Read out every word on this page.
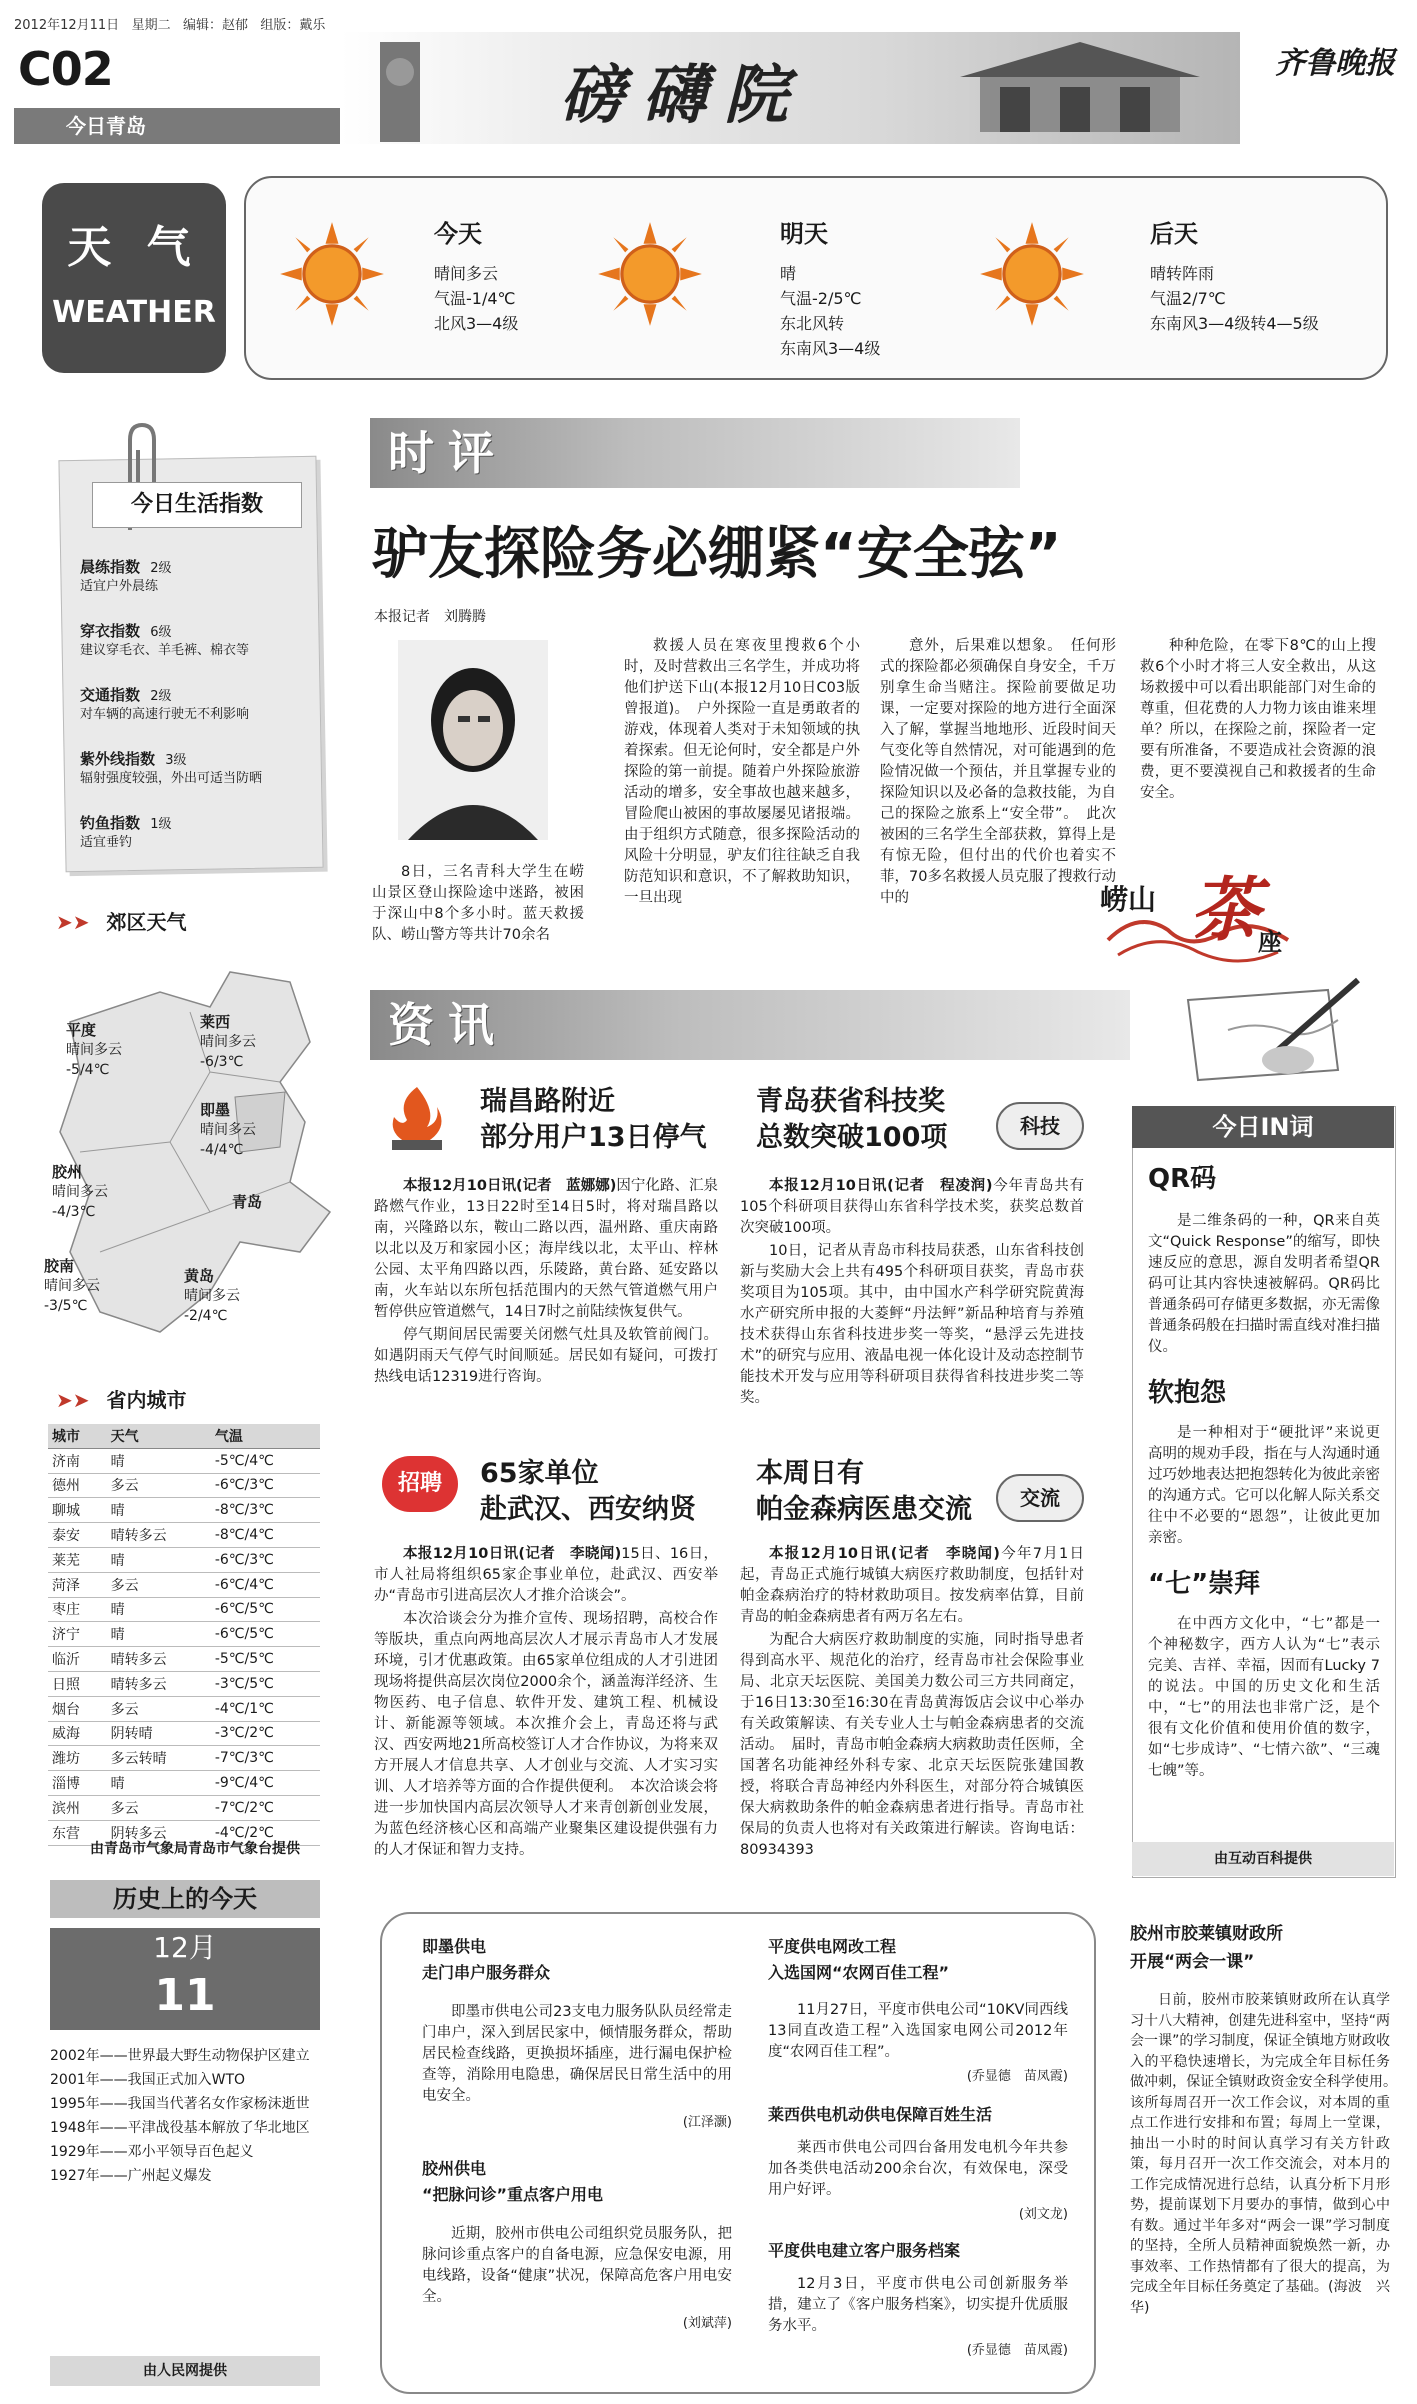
2012年12月11日 星期二 编辑：赵郁 组版：戴乐
C02
今日青岛	磅礴院	齐鲁晚报
天 气
WEATHER
今天
晴间多云
气温-1/4℃
北风3—4级
明天
晴
气温-2/5℃
东北风转
东南风3—4级
后天
晴转阵雨
气温2/7℃
东南风3—4级转4—5级
今日生活指数
晨练指数 2级
适宜户外晨练
穿衣指数 6级
建议穿毛衣、羊毛裤、棉衣等
交通指数 2级
对车辆的高速行驶无不利影响
紫外线指数 3级
辐射强度较强，外出可适当防晒
钓鱼指数 1级
适宜垂钓
➤➤ 郊区天气
平度
晴间多云
-5/4℃
莱西
晴间多云
-6/3℃
即墨
晴间多云
-4/4℃
胶州
晴间多云
-4/3℃
青岛
胶南
晴间多云
-3/5℃
黄岛
晴间多云
-2/4℃
➤➤ 省内城市
城市	天气	气温
济南	晴	-5℃/4℃
德州	多云	-6℃/3℃
聊城	晴	-8℃/3℃
泰安	晴转多云	-8℃/4℃
莱芜	晴	-6℃/3℃
菏泽	多云	-6℃/4℃
枣庄	晴	-6℃/5℃
济宁	晴	-6℃/5℃
临沂	晴转多云	-5℃/5℃
日照	晴转多云	-3℃/5℃
烟台	多云	-4℃/1℃
威海	阴转晴	-3℃/2℃
潍坊	多云转晴	-7℃/3℃
淄博	晴	-9℃/4℃
滨州	多云	-7℃/2℃
东营	阴转多云	-4℃/2℃
由青岛市气象局青岛市气象台提供
历史上的今天
12月
11
2002年——世界最大野生动物保护区建立
2001年——我国正式加入WTO
1995年——我国当代著名女作家杨沫逝世
1948年——平津战役基本解放了华北地区
1929年——邓小平领导百色起义
1927年——广州起义爆发
由人民网提供
时评
驴友探险务必绷紧“安全弦”
本报记者　刘腾腾

8日，三名青科大学生在崂山景区登山探险途中迷路，被困于深山中8个多小时。蓝天救援队、崂山警方等共计70余名

救援人员在寒夜里搜救6个小时，及时营救出三名学生，并成功将他们护送下山(本报12月10日C03版曾报道)。　户外探险一直是勇敢者的游戏，体现着人类对于未知领域的执着探索。但无论何时，安全都是户外探险的第一前提。随着户外探险旅游活动的增多，安全事故也越来越多，冒险爬山被困的事故屡屡见诸报端。由于组织方式随意，很多探险活动的风险十分明显，驴友们往往缺乏自我防范知识和意识，不了解救助知识，一旦出现

意外，后果难以想象。　任何形式的探险都必须确保自身安全，千万别拿生命当赌注。探险前要做足功课，一定要对探险的地方进行全面深入了解，掌握当地地形、近段时间天气变化等自然情况，对可能遇到的危险情况做一个预估，并且掌握专业的探险知识以及必备的急救技能，为自己的探险之旅系上“安全带”。　此次被困的三名学生全部获救，算得上是有惊无险，但付出的代价也着实不菲，70多名救援人员克服了搜救行动中的

种种危险，在零下8℃的山上搜救6个小时才将三人安全救出，从这场救援中可以看出职能部门对生命的尊重，但花费的人力物力该由谁来埋单？所以，在探险之前，探险者一定要有所准备，不要造成社会资源的浪费，更不要漠视自己和救援者的生命安全。

崂山 茶
座
资讯
瑞昌路附近
部分用户13日停气

本报12月10日讯(记者　蓝娜娜)因宁化路、汇泉路燃气作业，13日22时至14日5时，将对瑞昌路以南，兴隆路以东，鞍山二路以西，温州路、重庆南路以北以及万和家园小区；海岸线以北，太平山、梓林公园、太平角四路以西，乐陵路，黄台路、延安路以南，火车站以东所包括范围内的天然气管道燃气用户暂停供应管道燃气，14日7时之前陆续恢复供气。

停气期间居民需要关闭燃气灶具及软管前阀门。如遇阴雨天气停气时间顺延。居民如有疑问，可拨打热线电话12319进行咨询。

青岛获省科技奖
总数突破100项	科技

本报12月10日讯(记者　程凌润)今年青岛共有105个科研项目获得山东省科学技术奖，获奖总数首次突破100项。

10日，记者从青岛市科技局获悉，山东省科技创新与奖励大会上共有495个科研项目获奖，青岛市获奖项目为105项。其中，由中国水产科学研究院黄海水产研究所申报的大菱鲆“丹法鲆”新品种培育与养殖技术获得山东省科技进步奖一等奖，“悬浮云先进技术”的研究与应用、液晶电视一体化设计及动态控制节能技术开发与应用等科研项目获得省科技进步奖二等奖。

招聘	65家单位
赴武汉、西安纳贤

本报12月10日讯(记者　李晓闻)15日、16日，市人社局将组织65家企事业单位，赴武汉、西安举办“青岛市引进高层次人才推介洽谈会”。

本次洽谈会分为推介宣传、现场招聘，高校合作等版块，重点向两地高层次人才展示青岛市人才发展环境，引才优惠政策。由65家单位组成的人才引进团现场将提供高层次岗位2000余个，涵盖海洋经济、生物医药、电子信息、软件开发、建筑工程、机械设计、新能源等领域。本次推介会上，青岛还将与武汉、西安两地21所高校签订人才合作协议，为将来双方开展人才信息共享、人才创业与交流、人才实习实训、人才培养等方面的合作提供便利。　本次洽谈会将进一步加快国内高层次领导人才来青创新创业发展，为蓝色经济核心区和高端产业聚集区建设提供强有力的人才保证和智力支持。

本周日有
帕金森病医患交流	交流

本报12月10日讯(记者　李晓闻)今年7月1日起，青岛正式施行城镇大病医疗救助制度，包括针对帕金森病治疗的特材救助项目。按发病率估算，目前青岛的帕金森病患者有两万名左右。

为配合大病医疗救助制度的实施，同时指导患者得到高水平、规范化的治疗，经青岛市社会保险事业局、北京天坛医院、美国美力数公司三方共同商定，于16日13:30至16:30在青岛黄海饭店会议中心举办有关政策解读、有关专业人士与帕金森病患者的交流活动。　届时，青岛市帕金森病大病救助责任医师，全国著名功能神经外科专家、北京天坛医院张建国教授，将联合青岛神经内外科医生，对部分符合城镇医保大病救助条件的帕金森病患者进行指导。青岛市社保局的负责人也将对有关政策进行解读。咨询电话：80934393

即墨供电
走门串户服务群众

即墨市供电公司23支电力服务队队员经常走门串户，深入到居民家中，倾情服务群众，帮助居民检查线路，更换损坏插座，进行漏电保护检查等，消除用电隐患，确保居民日常生活中的用电安全。

(江泽灏)
胶州供电
“把脉问诊”重点客户用电

近期，胶州市供电公司组织党员服务队，把脉问诊重点客户的自备电源，应急保安电源，用电线路，设备“健康”状况，保障高危客户用电安全。

(刘斌萍)
平度供电网改工程
入选国网“农网百佳工程”

11月27日，平度市供电公司“10KV同西线13同直改造工程”入选国家电网公司2012年度“农网百佳工程”。

(乔显德　苗凤霞)
莱西供电机动供电保障百姓生活

莱西市供电公司四台备用发电机今年共参加各类供电活动200余台次，有效保电，深受用户好评。

(刘文龙)
平度供电建立客户服务档案

12月3日，平度市供电公司创新服务举措，建立了《客户服务档案》，切实提升优质服务水平。

(乔显德　苗凤霞)
今日IN词
QR码

是二维条码的一种，QR来自英文“Quick Response”的缩写，即快速反应的意思，源自发明者希望QR码可让其内容快速被解码。QR码比普通条码可存储更多数据，亦无需像普通条码般在扫描时需直线对准扫描仪。

软抱怨

是一种相对于“硬批评”来说更高明的规劝手段，指在与人沟通时通过巧妙地表达把抱怨转化为彼此亲密的沟通方式。它可以化解人际关系交往中不必要的“恩怨”，让彼此更加亲密。

“七”崇拜

在中西方文化中，“七”都是一个神秘数字，西方人认为“七”表示完美、吉祥、幸福，因而有Lucky 7的说法。中国的历史文化和生活中，“七”的用法也非常广泛，是个很有文化价值和使用价值的数字，如“七步成诗”、“七情六欲”、“三魂七魄”等。

由互动百科提供
胶州市胶莱镇财政所
开展“两会一课”

日前，胶州市胶莱镇财政所在认真学习十八大精神，创建先进科室中，坚持“两会一课”的学习制度，保证全镇地方财政收入的平稳快速增长，为完成全年目标任务做冲刺，保证全镇财政资金安全科学使用。　该所每周召开一次工作会议，对本周的重点工作进行安排和布置；每周上一堂课，抽出一小时的时间认真学习有关方针政策，每月召开一次工作交流会，对本月的工作完成情况进行总结，认真分析下月形势，提前谋划下月要办的事情，做到心中有数。通过半年多对“两会一课”学习制度的坚持，全所人员精神面貌焕然一新，办事效率、工作热情都有了很大的提高，为完成全年目标任务奠定了基础。(海波　兴华)
